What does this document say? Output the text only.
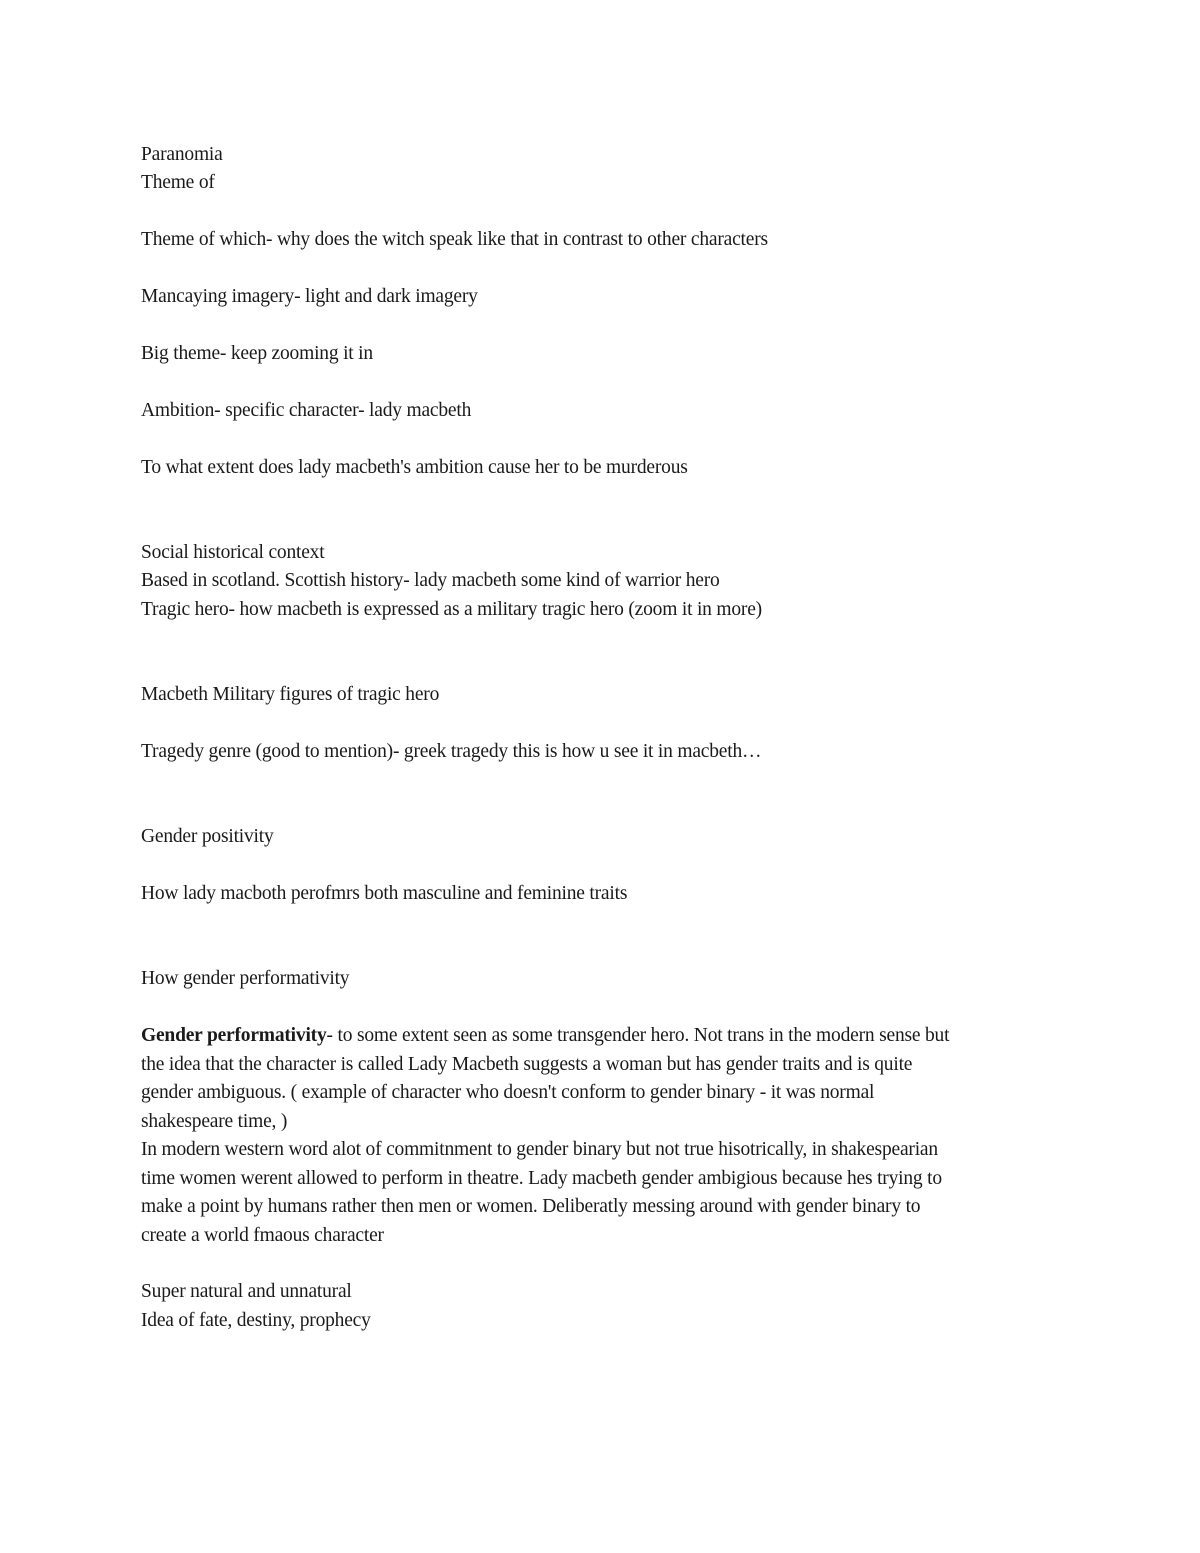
Paranomia
Theme of
Theme of which- why does the witch speak like that in contrast to other characters
Mancaying imagery- light and dark imagery
Big theme- keep zooming it in
Ambition- specific character- lady macbeth
To what extent does lady macbeth's ambition cause her to be murderous
Social historical context
Based in scotland. Scottish history- lady macbeth some kind of warrior hero
Tragic hero- how macbeth is expressed as a military tragic hero (zoom it in more)
Macbeth Military figures of tragic hero
Tragedy genre (good to mention)- greek tragedy this is how u see it in macbeth…
Gender positivity
How lady macboth perofmrs both masculine and feminine traits
How gender performativity
Gender performativity- to some extent seen as some transgender hero. Not trans in the modern sense but
the idea that the character is called Lady Macbeth suggests a woman but has gender traits and is quite
gender ambiguous. ( example of character who doesn't conform to gender binary - it was normal
shakespeare time, )
In modern western word alot of commitnment to gender binary but not true hisotrically, in shakespearian
time women werent allowed to perform in theatre. Lady macbeth gender ambigious because hes trying to
make a point by humans rather then men or women. Deliberatly messing around with gender binary to
create a world fmaous character
Super natural and unnatural
Idea of fate, destiny, prophecy
